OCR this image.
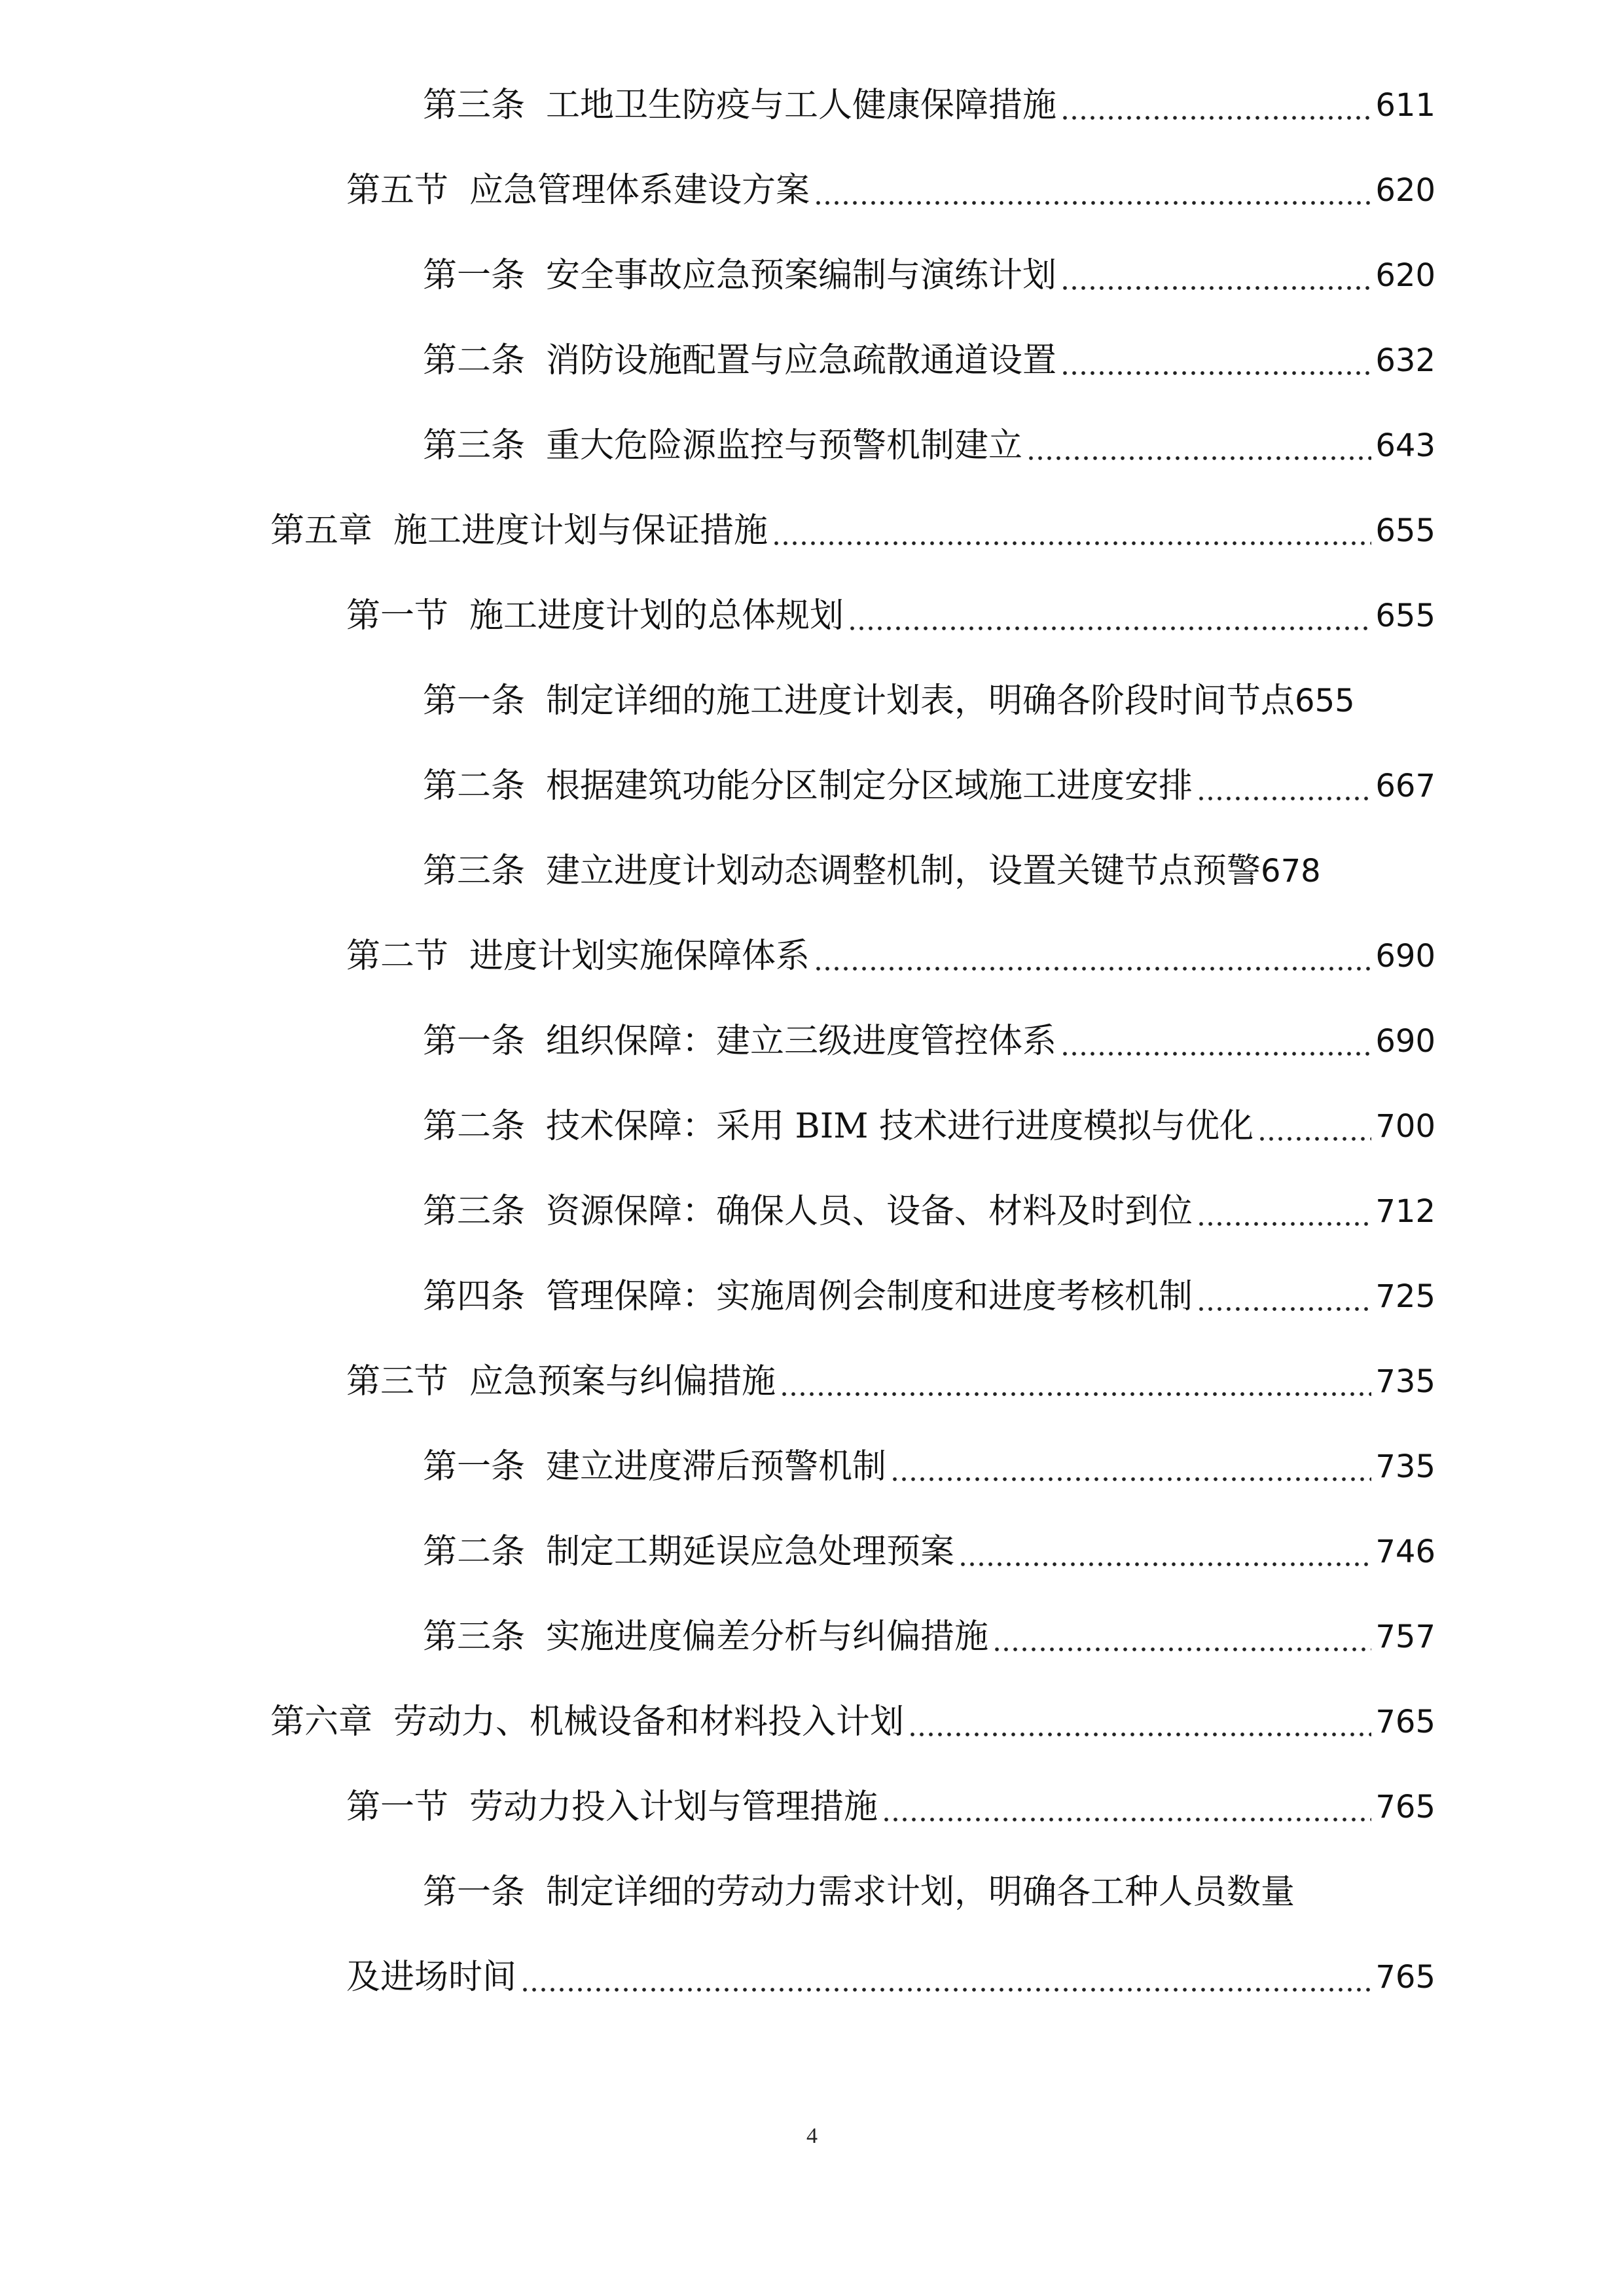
第三条 工地卫生防疫与工人健康保障措施	611
第五节 应急管理体系建设方案	620
第一条 安全事故应急预案编制与演练计划	620
第二条 消防设施配置与应急疏散通道设置	632
第三条 重大危险源监控与预警机制建立	643
第五章 施工进度计划与保证措施	655
第一节 施工进度计划的总体规划	655
第一条 制定详细的施工进度计划表，明确各阶段时间节点 655
第二条 根据建筑功能分区制定分区域施工进度安排	667
第三条 建立进度计划动态调整机制，设置关键节点预警 678
第二节 进度计划实施保障体系	690
第一条 组织保障：建立三级进度管控体系	690
第二条 技术保障：采用 BIM 技术进行进度模拟与优化	700
第三条 资源保障：确保人员、设备、材料及时到位	712
第四条 管理保障：实施周例会制度和进度考核机制	725
第三节 应急预案与纠偏措施	735
第一条 建立进度滞后预警机制	735
第二条 制定工期延误应急处理预案	746
第三条 实施进度偏差分析与纠偏措施	757
第六章 劳动力、机械设备和材料投入计划	765
第一节 劳动力投入计划与管理措施	765
第一条 制定详细的劳动力需求计划，明确各工种人员数量
及进场时间	765
4
